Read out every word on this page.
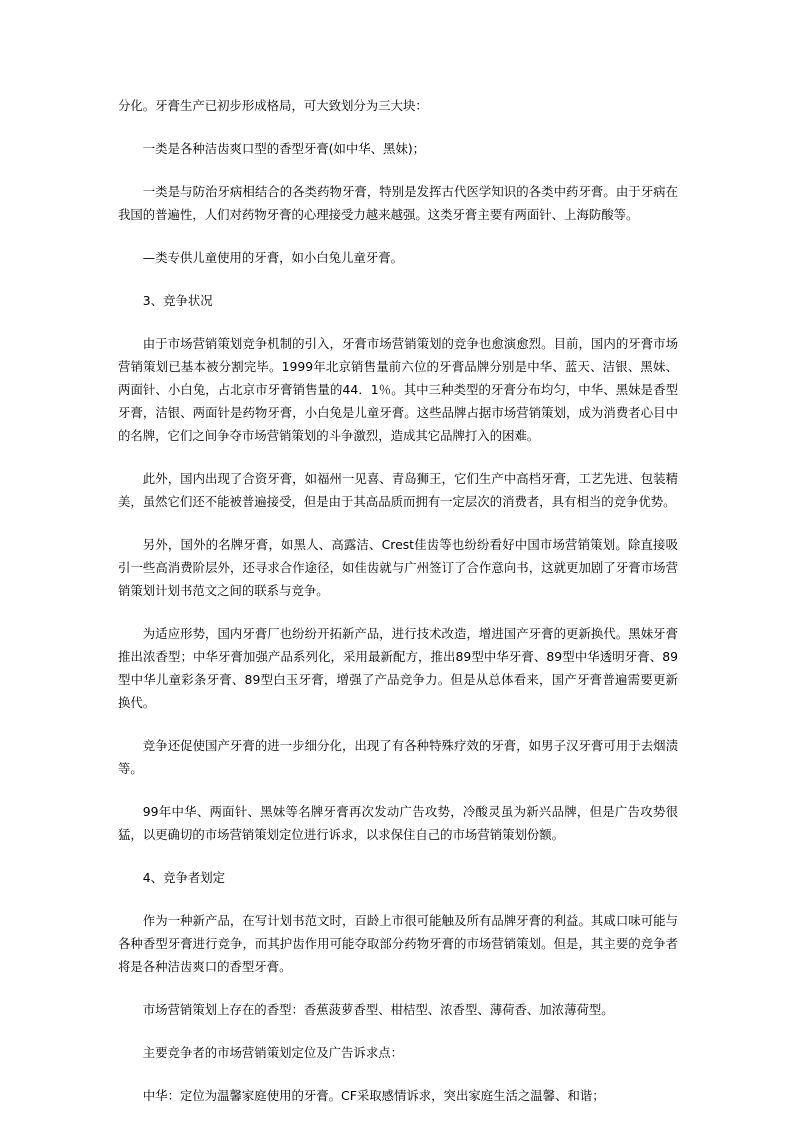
分化。牙膏生产已初步形成格局，可大致划分为三大块：

一类是各种洁齿爽口型的香型牙膏(如中华、黑妹)；

一类是与防治牙病相结合的各类药物牙膏，特别是发挥古代医学知识的各类中药牙膏。由于牙病在我国的普遍性，人们对药物牙膏的心理接受力越来越强。这类牙膏主要有两面针、上海防酸等。

—类专供儿童使用的牙膏，如小白兔儿童牙膏。

3、竞争状况

由于市场营销策划竞争机制的引入，牙膏市场营销策划的竞争也愈演愈烈。目前，国内的牙膏市场营销策划已基本被分割完毕。1999年北京销售量前六位的牙膏品牌分别是中华、蓝天、洁银、黑妹、两面针、小白兔，占北京市牙膏销售量的44．1％。其中三种类型的牙膏分布均匀，中华、黑妹是香型牙膏，洁银、两面针是药物牙膏，小白兔是儿童牙膏。这些品牌占据市场营销策划，成为消费者心目中的名牌，它们之间争夺市场营销策划的斗争激烈，造成其它品牌打入的困难。

此外，国内出现了合资牙膏，如福州一见喜、青岛狮王，它们生产中高档牙膏，工艺先进、包装精美，虽然它们还不能被普遍接受，但是由于其高品质而拥有一定层次的消费者，具有相当的竞争优势。

另外，国外的名牌牙膏，如黑人、高露洁、Crest佳齿等也纷纷看好中国市场营销策划。除直接吸引一些高消费阶层外，还寻求合作途径，如佳齿就与广州签订了合作意向书，这就更加剧了牙膏市场营销策划计划书范文之间的联系与竞争。

为适应形势，国内牙膏厂也纷纷开拓新产品，进行技术改造，增进国产牙膏的更新换代。黑妹牙膏推出浓香型；中华牙膏加强产品系列化，采用最新配方，推出89型中华牙膏、89型中华透明牙膏、89型中华儿童彩条牙膏、89型白玉牙膏，增强了产品竞争力。但是从总体看来，国产牙膏普遍需要更新换代。

竞争还促使国产牙膏的进一步细分化，出现了有各种特殊疗效的牙膏，如男子汉牙膏可用于去烟渍等。

99年中华、两面针、黑妹等名牌牙膏再次发动广告攻势，冷酸灵虽为新兴品牌，但是广告攻势很猛，以更确切的市场营销策划定位进行诉求，以求保住自己的市场营销策划份额。

4、竞争者划定

作为一种新产品，在写计划书范文时，百龄上市很可能触及所有品牌牙膏的利益。其咸口味可能与各种香型牙膏进行竞争，而其护齿作用可能夺取部分药物牙膏的市场营销策划。但是，其主要的竞争者将是各种洁齿爽口的香型牙膏。

市场营销策划上存在的香型：香蕉菠萝香型、柑桔型、浓香型、薄荷香、加浓薄荷型。

主要竞争者的市场营销策划定位及广告诉求点：

中华：定位为温馨家庭使用的牙膏。CF采取感情诉求，突出家庭生活之温馨、和谐；
